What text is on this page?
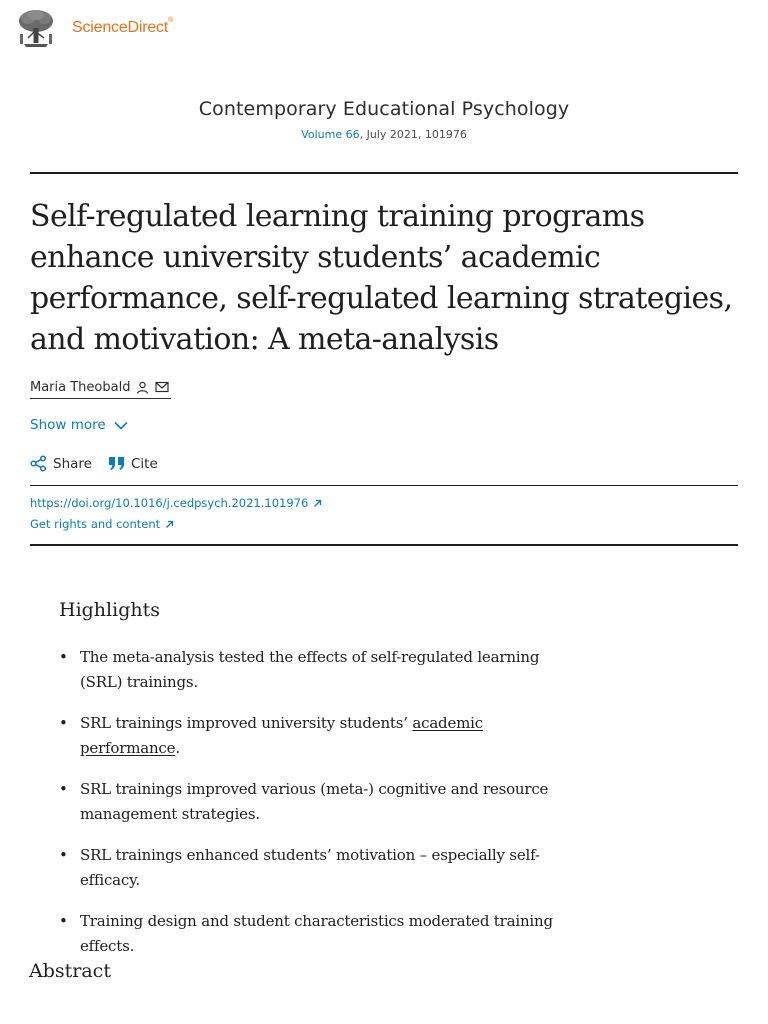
ScienceDirect®
Contemporary Educational Psychology
Volume 66, July 2021, 101976
Self-regulated learning training programs enhance university students’ academic performance, self-regulated learning strategies, and motivation: A meta-analysis
Maria Theobald
Show more
Share	Cite
https://doi.org/10.1016/j.cedpsych.2021.101976
Get rights and content
Highlights
• The meta-analysis tested the effects of self-regulated learning (SRL) trainings.
• SRL trainings improved university students’ academic performance.
• SRL trainings improved various (meta-) cognitive and resource management strategies.
• SRL trainings enhanced students’ motivation – especially self-efficacy.
• Training design and student characteristics moderated training effects.
Abstract
